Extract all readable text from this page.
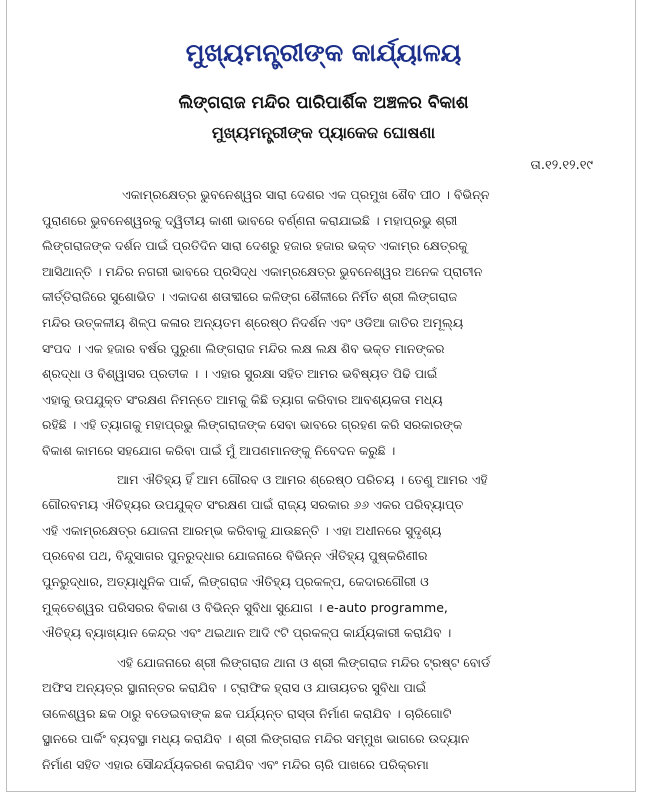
ମୁଖ୍ୟମନ୍ତ୍ରୀଙ୍କ କାର୍ଯ୍ୟାଳୟ
ଲିଙ୍ଗରାଜ ମନ୍ଦିର ପାରିପାର୍ଶିକ ଅଞ୍ଚଳର ବିକାଶ
ମୁଖ୍ୟମନ୍ତ୍ରୀଙ୍କ ପ୍ୟାକେଜ ଘୋଷଣା
ତା.୧୨.୧୨.୧୯
ଏକାମ୍ରକ୍ଷେତ୍ର ଭୁବନେଶ୍ୱର ସାରା ଦେଶର ଏକ ପ୍ରମୁଖ ଶୈବ ପୀଠ । ବିଭିନ୍ନ
ପୁରାଣରେ ଭୁବନେଶ୍ୱରକୁ ଦ୍ୱିତୀୟ କାଶୀ ଭାବରେ ବର୍ଣ୍ଣନା କରାଯାଇଛି । ମହାପ୍ରଭୁ ଶ୍ରୀ
ଲିଙ୍ଗରାଜଙ୍କ ଦର୍ଶନ ପାଇଁ ପ୍ରତିଦିନ ସାରା ଦେଶରୁ ହଜାର ହଜାର ଭକ୍ତ ଏକାମ୍ର କ୍ଷେତ୍ରକୁ
ଆସିଥାନ୍ତି । ମନ୍ଦିର ନଗରୀ ଭାବରେ ପ୍ରସିଦ୍ଧ ଏକାମ୍ରକ୍ଷେତ୍ର ଭୁବନେଶ୍ୱର ଅନେକ ପ୍ରାଚୀନ
କୀର୍ତ୍ତିରାଜିରେ ସୁଶୋଭିତ । ଏକାଦଶ ଶତାବ୍ଦୀରେ କଳିଙ୍ଗ ଶୈଳୀରେ ନିର୍ମିତ ଶ୍ରୀ ଲିଙ୍ଗରାଜ
ମନ୍ଦିର ଉତ୍କଳୀୟ ଶିଳ୍ପ କଳାର ଅନ୍ୟତମ ଶ୍ରେଷ୍ଠ ନିଦର୍ଶନ ଏବଂ ଓଡିଆ ଜାତିର ଅମୂଲ୍ୟ
ସଂପଦ । ଏକ ହଜାର ବର୍ଷର ପୁରୁଣା ଲିଙ୍ଗରାଜ ମନ୍ଦିର ଲକ୍ଷ ଲକ୍ଷ ଶିବ ଭକ୍ତ ମାନଙ୍କର
ଶ୍ରଦ୍ଧା ଓ ବିଶ୍ୱାସର ପ୍ରତୀକ । । ଏହାର ସୁରକ୍ଷା ସହିତ ଆମର ଭବିଷ୍ୟତ ପିଢି ପାଇଁ
ଏହାକୁ ଉପଯୁକ୍ତ ସଂରକ୍ଷଣ ନିମନ୍ତେ ଆମକୁ କିଛି ତ୍ୟାଗ କରିବାର ଆବଶ୍ୟକତା ମଧ୍ୟ
ରହିଛି । ଏହି ତ୍ୟାଗକୁ ମହାପ୍ରଭୁ ଲିଙ୍ଗରାଜଙ୍କ ସେବା ଭାବରେ ଗ୍ରହଣ କରି ସରକାରଙ୍କ
ବିକାଶ କାମରେ ସହଯୋଗ କରିବା ପାଇଁ ମୁଁ ଆପଣମାନଙ୍କୁ ନିବେଦନ କରୁଛି ।
ଆମ ଐତିହ୍ୟ ହିଁ ଆମ ଗୌରବ ଓ ଆମର ଶ୍ରେଷ୍ଠ ପରିଚୟ । ତେଣୁ ଆମର ଏହି
ଗୌରବମୟ ଐତିହ୍ୟର ଉପଯୁକ୍ତ ସଂରକ୍ଷଣ ପାଇଁ ରାଜ୍ୟ ସରକାର ୬୬ ଏକର ପରିବ୍ୟାପ୍ତ
ଏହି ଏକାମ୍ରକ୍ଷେତ୍ର ଯୋଜନା ଆରମ୍ଭ କରିବାକୁ ଯାଉଛନ୍ତି । ଏହା ଅଧୀନରେ ସୁଦୃଶ୍ୟ
ପ୍ରବେଶ ପଥ, ବିନ୍ଦୁସାଗର ପୁନରୁଦ୍ଧାର ଯୋଜନାରେ ବିଭିନ୍ନ ଐତିହ୍ୟ ପୁଷ୍କରିଣୀର
ପୁନରୁଦ୍ଧାର, ଅତ୍ୟାଧୁନିକ ପାର୍କ, ଲିଙ୍ଗରାଜ ଐତିହ୍ୟ ପ୍ରକଳ୍ପ, କେଦାରଗୌରୀ ଓ
ମୁକ୍ତେଶ୍ୱର ପରିସରର ବିକାଶ ଓ ବିଭିନ୍ନ ସୁବିଧା ସୁଯୋଗ । e-auto programme,
ଐତିହ୍ୟ ବ୍ୟାଖ୍ୟାନ କେନ୍ଦ୍ର ଏବଂ ଥଇଥାନ ଆଦି ୯ଟି ପ୍ରକଳ୍ପ କାର୍ଯ୍ୟକାରୀ କରାଯିବ ।
ଏହି ଯୋଜନାରେ ଶ୍ରୀ ଲିଙ୍ଗରାଜ ଥାନା ଓ ଶ୍ରୀ ଲିଙ୍ଗରାଜ ମନ୍ଦିର ଟ୍ରଷ୍ଟ ବୋର୍ଡ
ଅଫିସ ଅନ୍ୟତ୍ର ସ୍ଥାନାନ୍ତର କରାଯିବ । ଟ୍ରାଫିକ ହ୍ରାସ ଓ ଯାତାୟତର ସୁବିଧା ପାଇଁ
ତାଳେଶ୍ୱର ଛକ ଠାରୁ ବଡେଇବାଙ୍କ ଛକ ପର୍ଯ୍ୟନ୍ତ ରାସ୍ତା ନିର୍ମାଣ କରାଯିବ । ଚାରିଗୋଟି
ସ୍ଥାନରେ ପାର୍କିଂ ବ୍ୟବସ୍ଥା ମଧ୍ୟ କରାଯିବ । ଶ୍ରୀ ଲିଙ୍ଗରାଜ ମନ୍ଦିର ସମ୍ମୁଖ ଭାଗରେ ଉଦ୍ୟାନ
ନିର୍ମାଣ ସହିତ ଏହାର ସୌନ୍ଦର୍ଯ୍ୟକରଣ କରାଯିବ ଏବଂ ମନ୍ଦିର ଚାରି ପାଖରେ ପରିକ୍ରମା
